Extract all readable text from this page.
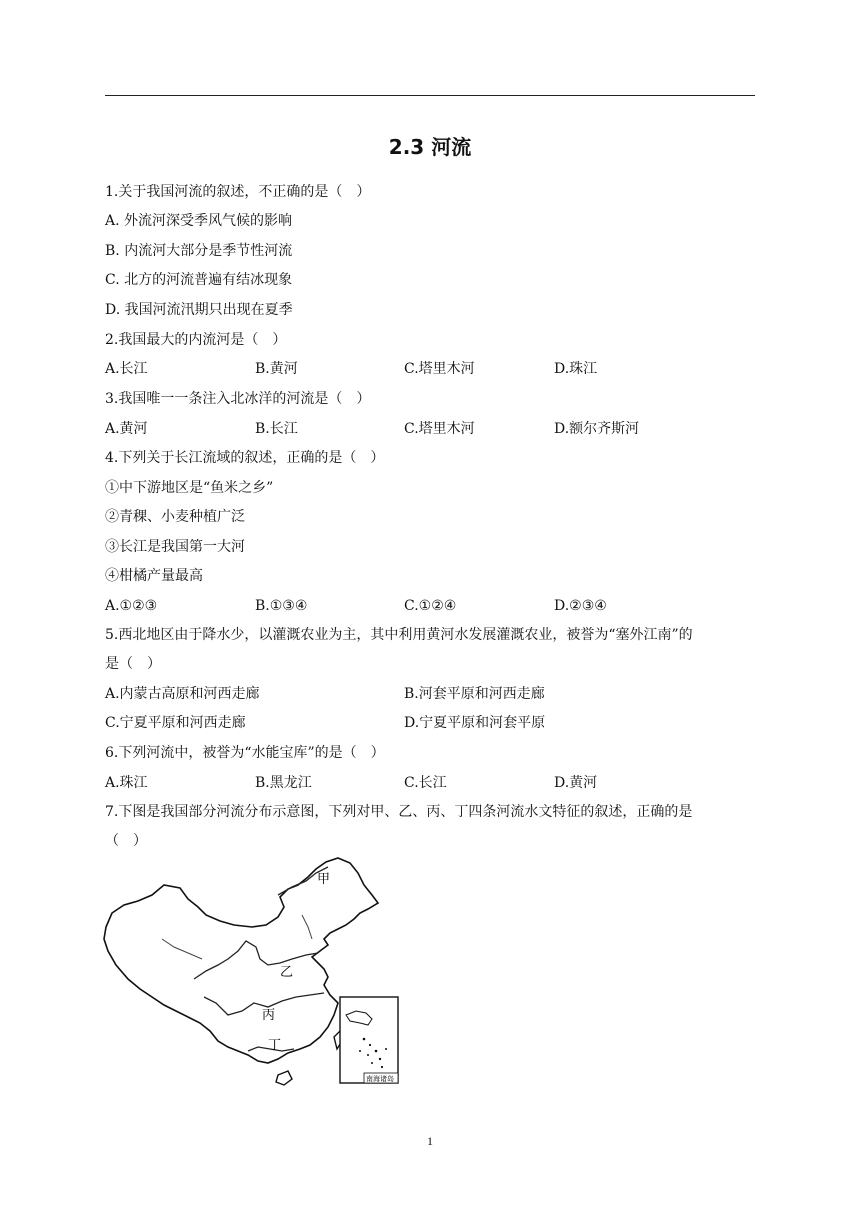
2.3 河流
1.关于我国河流的叙述，不正确的是（　）
A. 外流河深受季风气候的影响
B. 内流河大部分是季节性河流
C. 北方的河流普遍有结冰现象
D. 我国河流汛期只出现在夏季
2.我国最大的内流河是（　）
A.长江	B.黄河	C.塔里木河	D.珠江
3.我国唯一一条注入北冰洋的河流是（　）
A.黄河	B.长江	C.塔里木河	D.额尔齐斯河
4.下列关于长江流域的叙述，正确的是（　）
①中下游地区是“鱼米之乡”
②青稞、小麦种植广泛
③长江是我国第一大河
④柑橘产量最高
A.①②③	B.①③④	C.①②④	D.②③④
5.西北地区由于降水少，以灌溉农业为主，其中利用黄河水发展灌溉农业，被誉为“塞外江南”的
是（　）
A.内蒙古高原和河西走廊	B.河套平原和河西走廊
C.宁夏平原和河西走廊	D.宁夏平原和河套平原
6.下列河流中，被誉为“水能宝库”的是（　）
A.珠江	B.黑龙江	C.长江	D.黄河
7.下图是我国部分河流分布示意图，下列对甲、乙、丙、丁四条河流水文特征的叙述，正确的是
（　）
甲
乙
丙
丁
南海诸岛
1
